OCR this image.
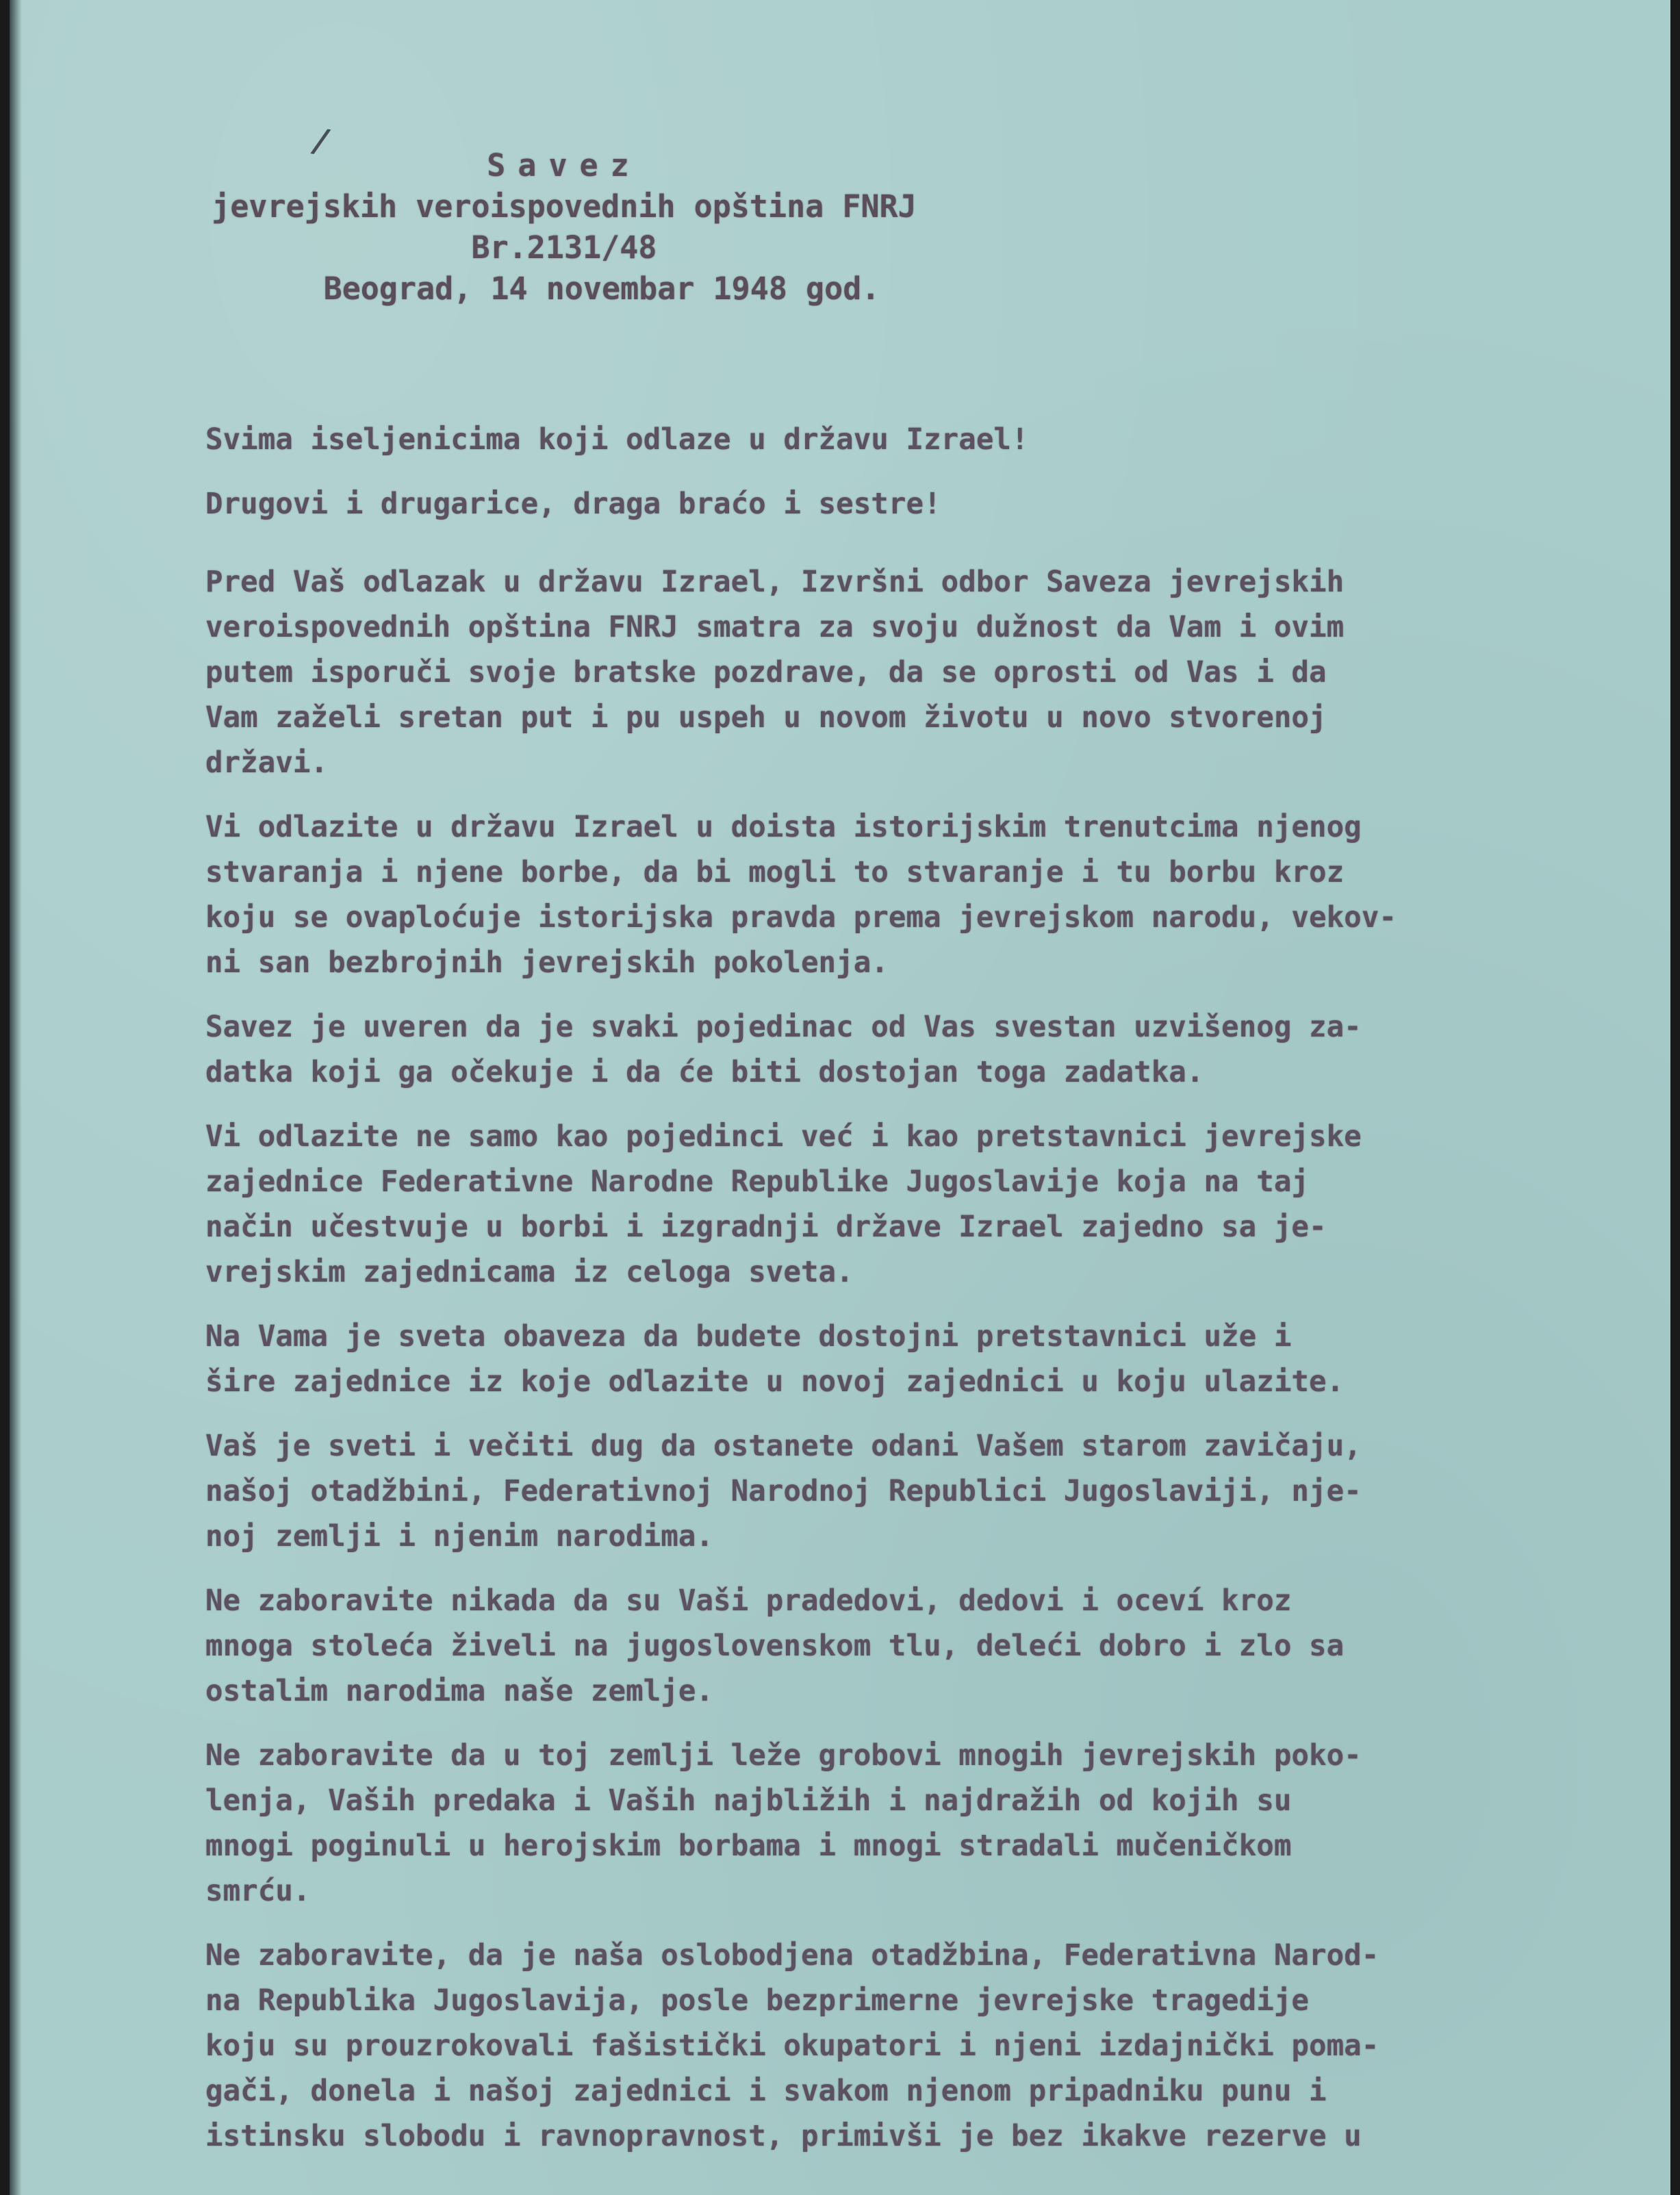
/
Savez
jevrejskih veroispovednih opština FNRJ
Br.2131/48
Beograd, 14 novembar 1948 god.

Svima iseljenicima koji odlaze u državu Izrael!

Drugovi i drugarice, draga braćo i sestre!

Pred Vaš odlazak u državu Izrael, Izvršni odbor Saveza jevrejskih
veroispovednih opština FNRJ smatra za svoju dužnost da Vam i ovim
putem isporuči svoje bratske pozdrave, da se oprosti od Vas i da
Vam zaželi sretan put i pu uspeh u novom životu u novo stvorenoj
državi.

Vi odlazite u državu Izrael u doista istorijskim trenutcima njenog
stvaranja i njene borbe, da bi mogli to stvaranje i tu borbu kroz
koju se ovaploćuje istorijska pravda prema jevrejskom narodu, vekov-
ni san bezbrojnih jevrejskih pokolenja.

Savez je uveren da je svaki pojedinac od Vas svestan uzvišenog za-
datka koji ga očekuje i da će biti dostojan toga zadatka.

Vi odlazite ne samo kao pojedinci već i kao pretstavnici jevrejske
zajednice Federativne Narodne Republike Jugoslavije koja na taj
način učestvuje u borbi i izgradnji države Izrael zajedno sa je-
vrejskim zajednicama iz celoga sveta.

Na Vama je sveta obaveza da budete dostojni pretstavnici uže i
šire zajednice iz koje odlazite u novoj zajednici u koju ulazite.

Vaš je sveti i večiti dug da ostanete odani Vašem starom zavičaju,
našoj otadžbini, Federativnoj Narodnoj Republici Jugoslaviji, nje-
noj zemlji i njenim narodima.

Ne zaboravite nikada da su Vaši pradedovi, dedovi i oceví kroz
mnoga stoleća živeli na jugoslovenskom tlu, deleći dobro i zlo sa
ostalim narodima naše zemlje.

Ne zaboravite da u toj zemlji leže grobovi mnogih jevrejskih poko-
lenja, Vaših predaka i Vaših najbližih i najdražih od kojih su
mnogi poginuli u herojskim borbama i mnogi stradali mučeničkom
smrću.

Ne zaboravite, da je naša oslobodjena otadžbina, Federativna Narod-
na Republika Jugoslavija, posle bezprimerne jevrejske tragedije
koju su prouzrokovali fašistički okupatori i njeni izdajnički poma-
gači, donela i našoj zajednici i svakom njenom pripadniku punu i
istinsku slobodu i ravnopravnost, primivši je bez ikakve rezerve u
